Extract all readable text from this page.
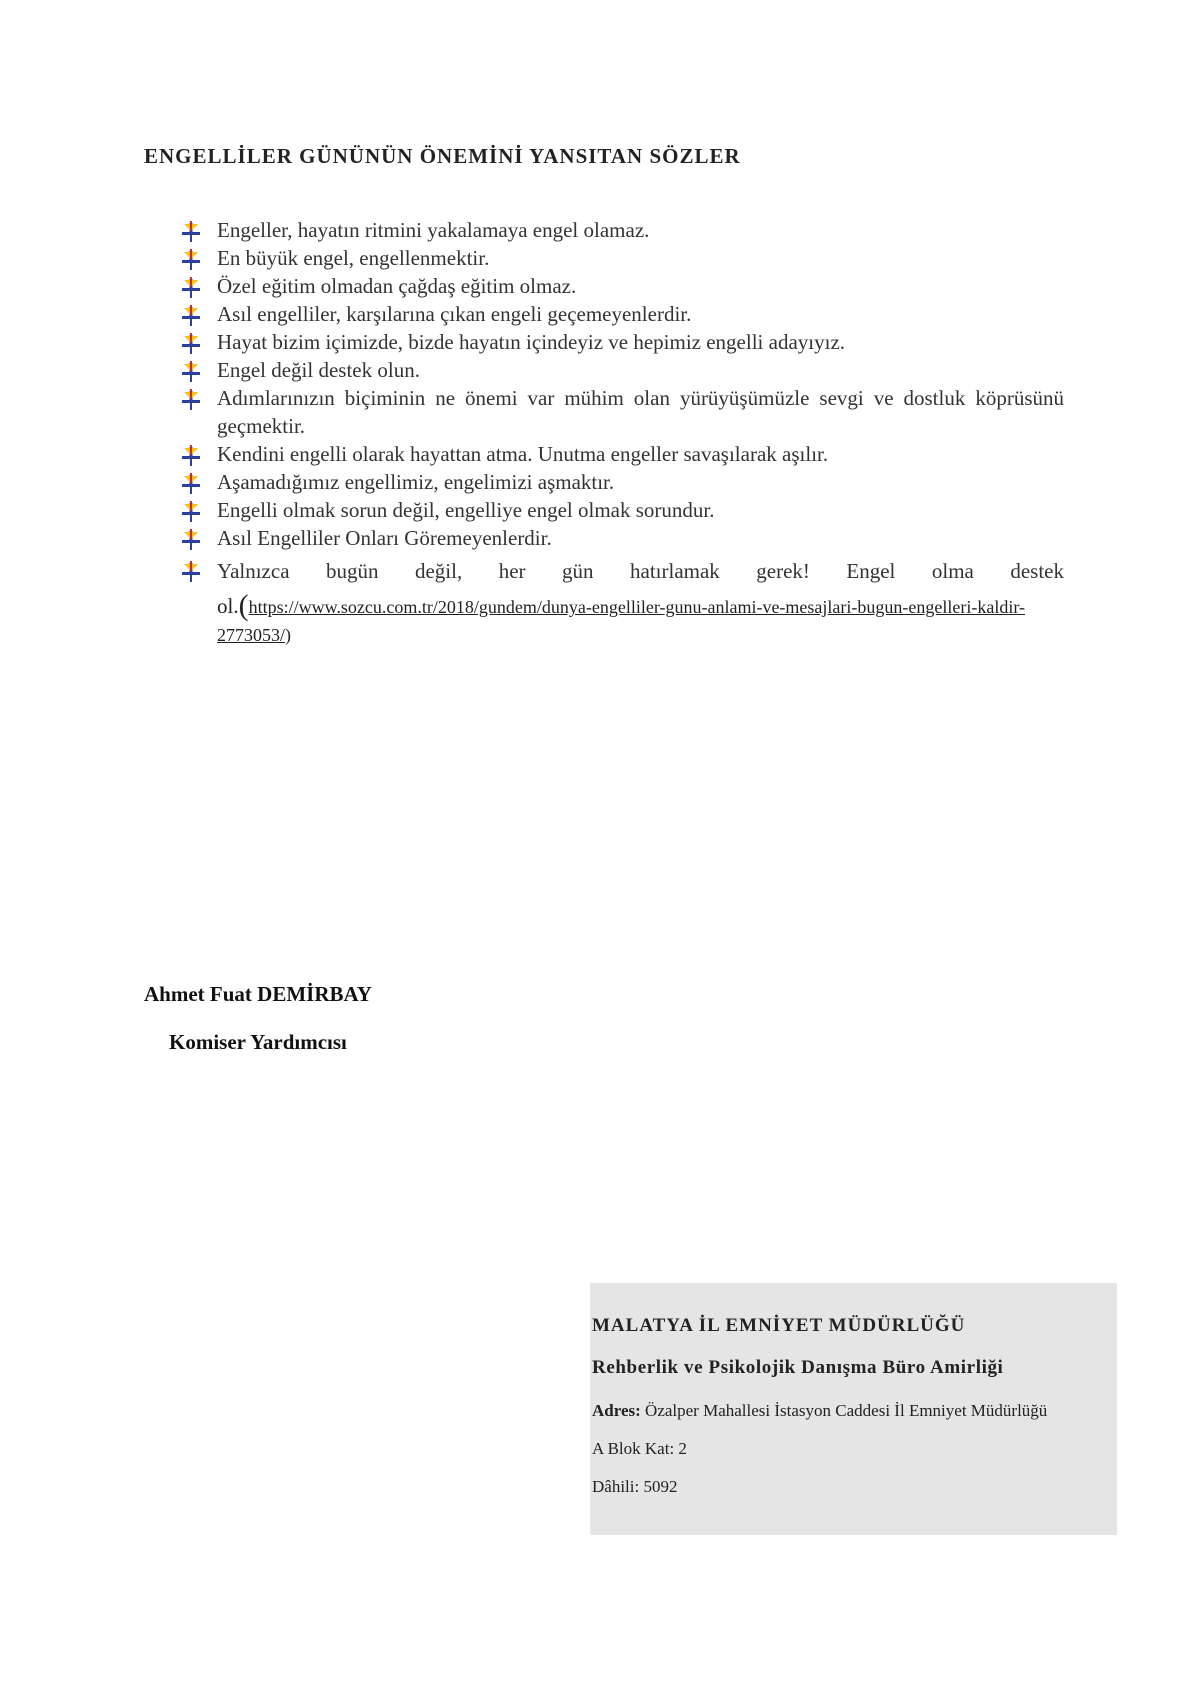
ENGELLİLER GÜNÜNÜN ÖNEMİNİ YANSITAN SÖZLER
Engeller, hayatın ritmini yakalamaya engel olamaz.
En büyük engel, engellenmektir.
Özel eğitim olmadan çağdaş eğitim olmaz.
Asıl engelliler, karşılarına çıkan engeli geçemeyenlerdir.
Hayat bizim içimizde, bizde hayatın içindeyiz ve hepimiz engelli adayıyız.
Engel değil destek olun.
Adımlarınızın biçiminin ne önemi var mühim olan yürüyüşümüzle sevgi ve dostluk köprüsünü geçmektir.
Kendini engelli olarak hayattan atma. Unutma engeller savaşılarak aşılır.
Aşamadığımız engellimiz, engelimizi aşmaktır.
Engelli olmak sorun değil, engelliye engel olmak sorundur.
Asıl Engelliler Onları Göremeyenlerdir.
Yalnızca bugün değil, her gün hatırlamak gerek! Engel olma destek
ol.(https://www.sozcu.com.tr/2018/gundem/dunya-engelliler-gunu-anlami-ve-mesajlari-bugun-engelleri-kaldir-2773053/)
Ahmet Fuat DEMİRBAY
Komiser Yardımcısı
MALATYA İL EMNİYET MÜDÜRLÜĞÜ
Rehberlik ve Psikolojik Danışma Büro Amirliği
Adres: Özalper Mahallesi İstasyon Caddesi İl Emniyet Müdürlüğü
A Blok Kat: 2
Dâhili: 5092
